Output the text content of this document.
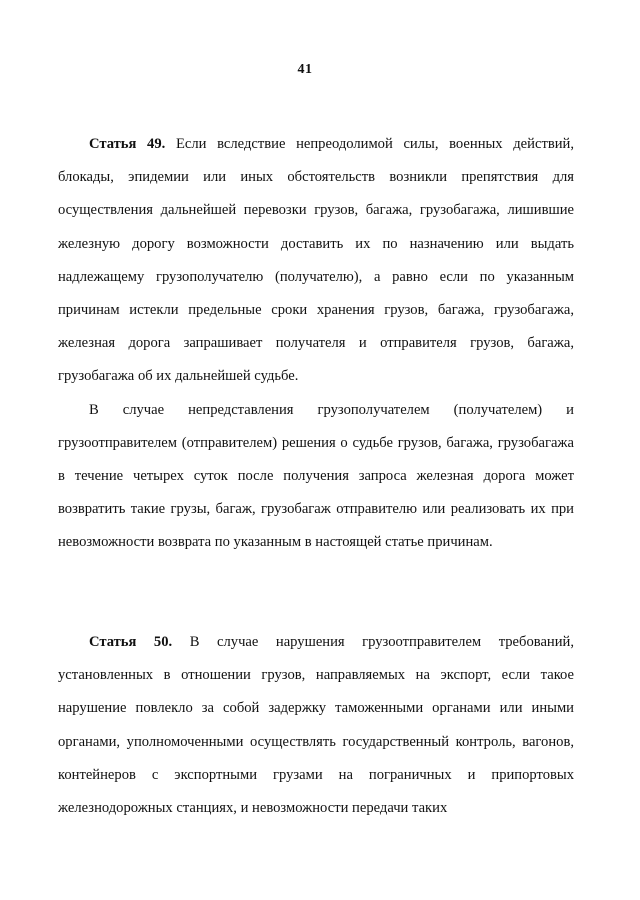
41

Статья 49. Если вследствие непреодолимой силы, военных действий, блокады, эпидемии или иных обстоятельств возникли препятствия для осуществления дальнейшей перевозки грузов, багажа, грузобагажа, лишившие железную дорогу возможности доставить их по назначению или выдать надлежащему грузополучателю (получателю), а равно если по указанным причинам истекли предельные сроки хранения грузов, багажа, грузобагажа, железная дорога запрашивает получателя и отправителя грузов, багажа, грузобагажа об их дальнейшей судьбе.

В случае непредставления грузополучателем (получателем) и грузоотправителем (отправителем) решения о судьбе грузов, багажа, грузобагажа в течение четырех суток после получения запроса железная дорога может возвратить такие грузы, багаж, грузобагаж отправителю или реализовать их при невозможности возврата по указанным в настоящей статье причинам.

Статья 50. В случае нарушения грузоотправителем требований, установленных в отношении грузов, направляемых на экспорт, если такое нарушение повлекло за собой задержку таможенными органами или иными органами, уполномоченными осуществлять государственный контроль, вагонов, контейнеров с экспортными грузами на пограничных и припортовых железнодорожных станциях, и невозможности передачи таких
